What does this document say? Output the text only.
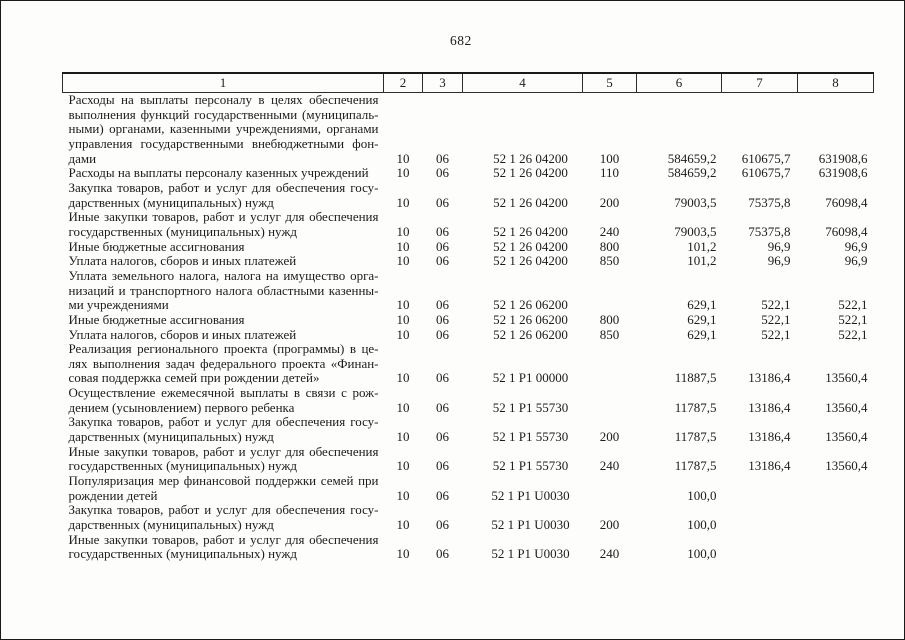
682
1	2	3	4	5	6	7	8

Расходы на выплаты персоналу в целях обеспечения
выполнения функций государственными (муниципаль-
ными) органами, казенными учреждениями, органами
управления государственными внебюджетными фон-
дами	10	06	52 1 26 04200	100	584659,2	610675,7	631908,6

Расходы на выплаты персоналу казенных учреждений	10	06	52 1 26 04200	110	584659,2	610675,7	631908,6

Закупка товаров, работ и услуг для обеспечения госу-
дарственных (муниципальных) нужд	10	06	52 1 26 04200	200	79003,5	75375,8	76098,4

Иные закупки товаров, работ и услуг для обеспечения
государственных (муниципальных) нужд	10	06	52 1 26 04200	240	79003,5	75375,8	76098,4

Иные бюджетные ассигнования	10	06	52 1 26 04200	800	101,2	96,9	96,9

Уплата налогов, сборов и иных платежей	10	06	52 1 26 04200	850	101,2	96,9	96,9

Уплата земельного налога, налога на имущество орга-
низаций и транспортного налога областными казенны-
ми учреждениями	10	06	52 1 26 06200		629,1	522,1	522,1

Иные бюджетные ассигнования	10	06	52 1 26 06200	800	629,1	522,1	522,1

Уплата налогов, сборов и иных платежей	10	06	52 1 26 06200	850	629,1	522,1	522,1

Реализация регионального проекта (программы) в це-
лях выполнения задач федерального проекта «Финан-
совая поддержка семей при рождении детей»	10	06	52 1 P1 00000		11887,5	13186,4	13560,4

Осуществление ежемесячной выплаты в связи с рож-
дением (усыновлением) первого ребенка	10	06	52 1 P1 55730		11787,5	13186,4	13560,4

Закупка товаров, работ и услуг для обеспечения госу-
дарственных (муниципальных) нужд	10	06	52 1 P1 55730	200	11787,5	13186,4	13560,4

Иные закупки товаров, работ и услуг для обеспечения
государственных (муниципальных) нужд	10	06	52 1 P1 55730	240	11787,5	13186,4	13560,4

Популяризация мер финансовой поддержки семей при
рождении детей	10	06	52 1 P1 U0030		100,0		

Закупка товаров, работ и услуг для обеспечения госу-
дарственных (муниципальных) нужд	10	06	52 1 P1 U0030	200	100,0		

Иные закупки товаров, работ и услуг для обеспечения
государственных (муниципальных) нужд	10	06	52 1 P1 U0030	240	100,0		
